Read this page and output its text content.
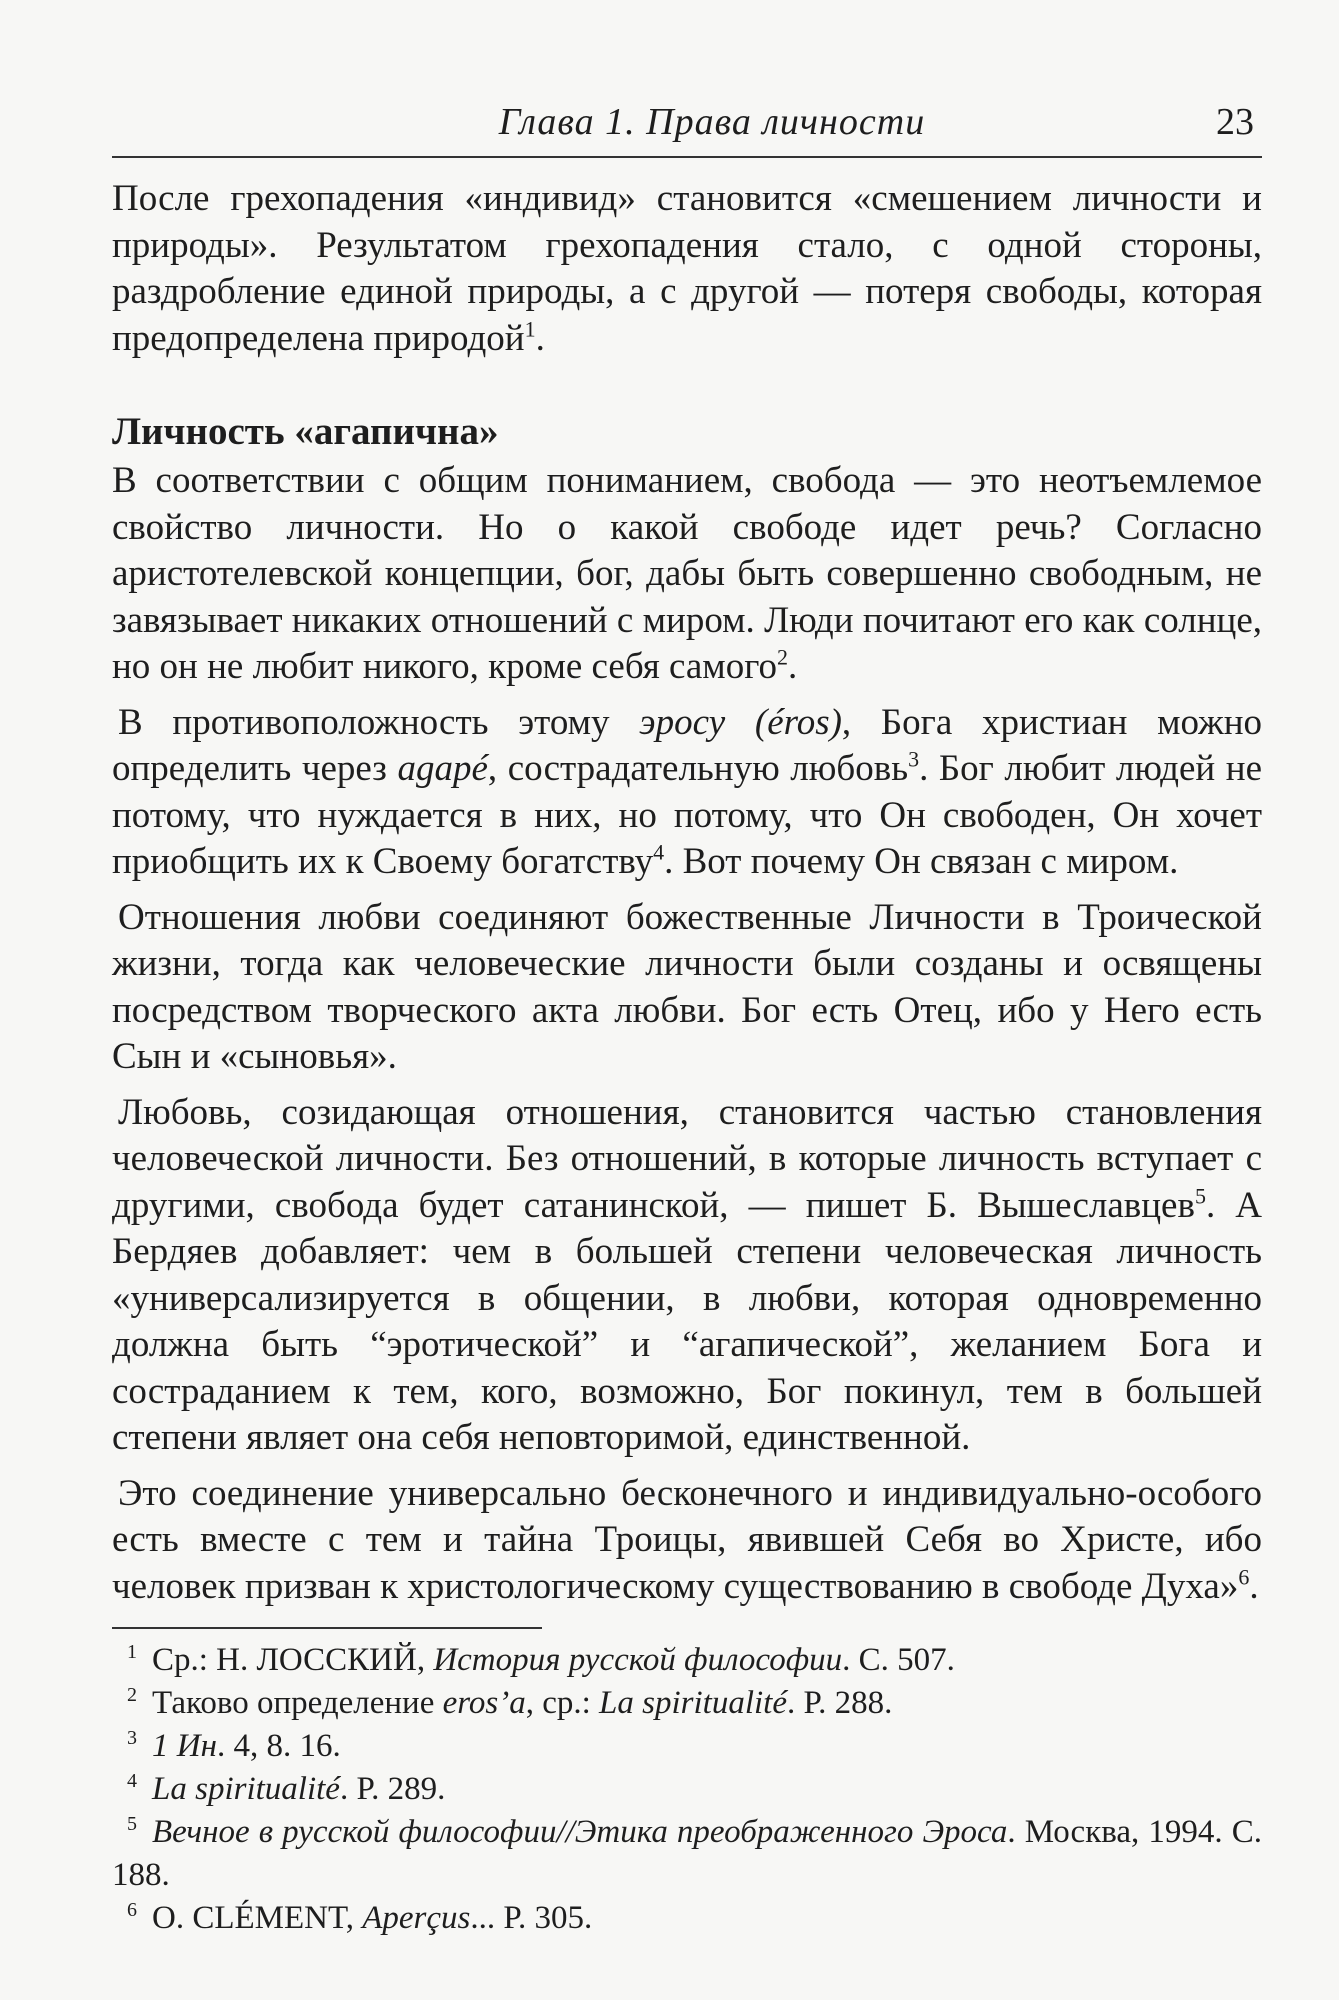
Глава 1. Права личности	23

После грехопадения «индивид» становится «смешением личности и природы». Результатом грехопадения стало, с одной стороны, раздробление единой природы, а с другой — потеря свободы, которая предопределена природой$^1$.

Личность «агапична»

В соответствии с общим пониманием, свобода — это неотъемлемое свойство личности. Но о какой свободе идет речь? Согласно аристотелевской концепции, бог, дабы быть совершенно свободным, не завязывает никаких отношений с миром. Люди почитают его как солнце, но он не любит никого, кроме себя самого$^2$.

В противоположность этому эросу (éros), Бога христиан можно определить через agapé, сострадательную любовь$^3$. Бог любит людей не потому, что нуждается в них, но потому, что Он свободен, Он хочет приобщить их к Своему богатству$^4$. Вот почему Он связан с миром.

Отношения любви соединяют божественные Личности в Троической жизни, тогда как человеческие личности были созданы и освящены посредством творческого акта любви. Бог есть Отец, ибо у Него есть Сын и «сыновья».

Любовь, созидающая отношения, становится частью становления человеческой личности. Без отношений, в которые личность вступает с другими, свобода будет сатанинской, — пишет Б. Вышеславцев$^5$. А Бердяев добавляет: чем в большей степени человеческая личность «универсализируется в общении, в любви, которая одновременно должна быть “эротической” и “агапической”, желанием Бога и состраданием к тем, кого, возможно, Бог покинул, тем в большей степени являет она себя неповторимой, единственной.

Это соединение универсально бесконечного и индивидуально-особого есть вместе с тем и тайна Троицы, явившей Себя во Христе, ибо человек призван к христологическому существованию в свободе Духа»$^6$.

$^1$ Ср.: Н. ЛОССКИЙ, История русской философии. С. 507.

$^2$ Таково определение eros’a, ср.: La spiritualité. P. 288.

$^3$ 1 Ин. 4, 8. 16.

$^4$ La spiritualité. P. 289.

$^5$ Вечное в русской философии//Этика преображенного Эроса. Москва, 1994. С. 188.

$^6$ O. CLÉMENT, Aperçus... P. 305.
